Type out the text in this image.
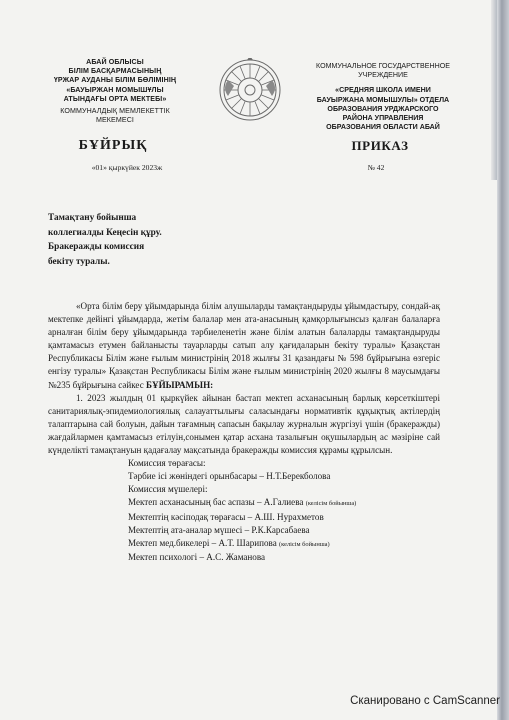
АБАЙ ОБЛЫСЫ
БІЛІМ БАСҚАРМАСЫНЫҢ
ҮРЖАР АУДАНЫ БІЛІМ БӨЛІМІНІҢ
«БАУЫРЖАН МОМЫШҰЛЫ
АТЫНДАҒЫ ОРТА МЕКТЕБІ»
КОММУНАЛДЫҚ МЕМЛЕКЕТТІК
МЕКЕМЕСІ
КОММУНАЛЬНОЕ ГОСУДАРСТВЕННОЕ
УЧРЕЖДЕНИЕ
«СРЕДНЯЯ ШКОЛА ИМЕНИ
БАУЫРЖАНА МОМЫШУЛЫ» ОТДЕЛА
ОБРАЗОВАНИЯ УРДЖАРСКОГО
РАЙОНА УПРАВЛЕНИЯ
ОБРАЗОВАНИЯ ОБЛАСТИ АБАЙ
БҰЙРЫҚ	ПРИКАЗ
«01» қыркүйек 2023ж	№ 42
Тамақтану бойынша
коллегиалды Кеңесін құру.
Бракеражды комиссия
бекіту туралы.

«Орта білім беру ұйымдарында білім алушыларды тамақтандыруды ұйымдастыру, сондай-ақ мектепке дейінгі ұйымдарда, жетім балалар мен ата-анасының қамқорлығынсыз қалған балаларға арналған білім беру ұйымдарында тәрбиеленетін және білім алатын балаларды тамақтандыруды қамтамасыз етумен байланысты тауарларды сатып алу қағидаларын бекіту туралы» Қазақстан Республикасы Білім және ғылым министрінің 2018 жылғы 31 қазандағы № 598 бұйрығына өзгеріс енгізу туралы» Қазақстан Республикасы Білім және ғылым министрінің 2020 жылғы 8 маусымдағы №235 бұйрығына сәйкес БҰЙЫРАМЫН:

1. 2023 жылдың 01 қыркүйек айынан бастап мектеп асханасының барлық көрсеткіштері санитариялық-эпидемиологиялық салауаттылығы саласындағы нормативтік құқықтық актілердің талаптарына сай болуын, дайын тағамның сапасын бақылау журналын жүргізуі үшін (бракеражды) жағдайлармен қамтамасыз етілуін,сонымен қатар асхана тазалығын оқушылардың ас мәзіріне сай күнделікті тамақтануын қадағалау мақсатында бракеражды комиссия құрамы құрылсын.

Комиссия төрағасы:
Тәрбие ісі жөніндегі орынбасары – Н.Т.Берекболова
Комиссия мүшелері:
Мектеп асханасының бас аспазы – А.Галиева (келісім бойынша)
Мектептің кәсіподақ төрағасы – А.Ш. Нурахметов
Мектептің ата-аналар мүшесі – Р.К.Карсабаева
Мектеп мед.бикелері – А.Т. Шарипова (келісім бойынша)
Мектеп психологі – А.С. Жаманова
Сканировано с CamScanner
